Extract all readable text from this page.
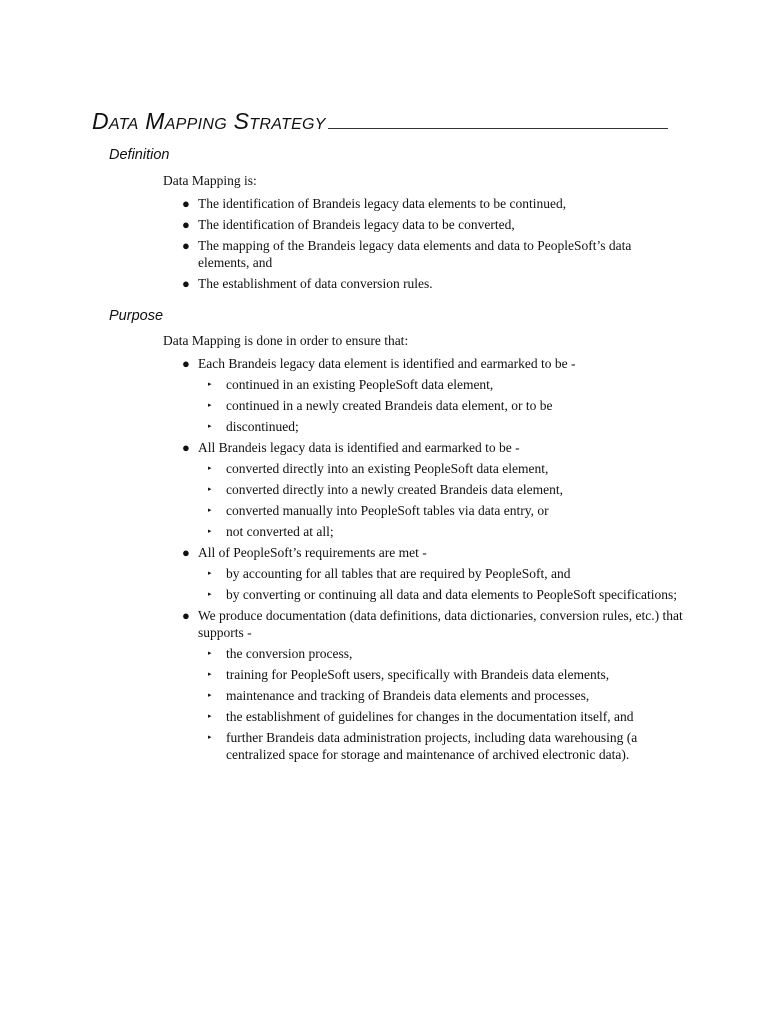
Data Mapping Strategy
Definition

Data Mapping is:

● The identification of Brandeis legacy data elements to be continued,
● The identification of Brandeis legacy data to be converted,
● The mapping of the Brandeis legacy data elements and data to PeopleSoft’s data elements, and
● The establishment of data conversion rules.
Purpose

Data Mapping is done in order to ensure that:

● Each Brandeis legacy data element is identified and earmarked to be -
▸ continued in an existing PeopleSoft data element,
▸ continued in a newly created Brandeis data element, or to be
▸ discontinued;
● All Brandeis legacy data is identified and earmarked to be -
▸ converted directly into an existing PeopleSoft data element,
▸ converted directly into a newly created Brandeis data element,
▸ converted manually into PeopleSoft tables via data entry, or
▸ not converted at all;
● All of PeopleSoft’s requirements are met -
▸ by accounting for all tables that are required by PeopleSoft, and
▸ by converting or continuing all data and data elements to PeopleSoft specifications;
● We produce documentation (data definitions, data dictionaries, conversion rules, etc.) that supports -
▸ the conversion process,
▸ training for PeopleSoft users, specifically with Brandeis data elements,
▸ maintenance and tracking of Brandeis data elements and processes,
▸ the establishment of guidelines for changes in the documentation itself, and
▸ further Brandeis data administration projects, including data warehousing (a centralized space for storage and maintenance of archived electronic data).
